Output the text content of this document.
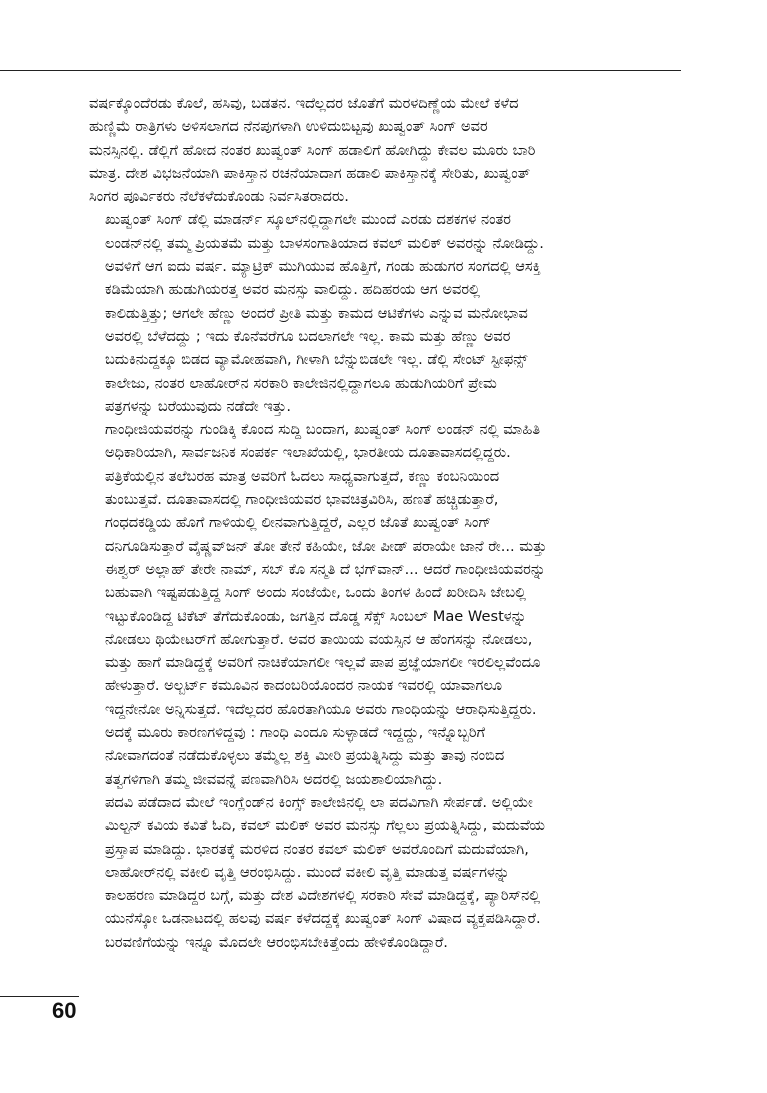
ವರ್ಷಕ್ಕೊಂದೆರಡು ಕೊಲೆ, ಹಸಿವು, ಬಡತನ. ಇದೆಲ್ಲದರ ಜೊತೆಗೆ ಮರಳದಿಣ್ಣೆಯ ಮೇಲೆ ಕಳೆದ
ಹುಣ್ಣಿಮೆ ರಾತ್ರಿಗಳು ಅಳಿಸಲಾಗದ ನೆನಪುಗಳಾಗಿ ಉಳಿದುಬಿಟ್ಟವು ಖುಷ್ವಂತ್ ಸಿಂಗ್ ಅವರ
ಮನಸ್ಸಿನಲ್ಲಿ. ಡೆಲ್ಲಿಗೆ ಹೋದ ನಂತರ ಖುಷ್ವಂತ್ ಸಿಂಗ್ ಹಡಾಲಿಗೆ ಹೋಗಿದ್ದು ಕೇವಲ ಮೂರು ಬಾರಿ
ಮಾತ್ರ. ದೇಶ ವಿಭಜನೆಯಾಗಿ ಪಾಕಿಸ್ತಾನ ರಚನೆಯಾದಾಗ ಹಡಾಲಿ ಪಾಕಿಸ್ತಾನಕ್ಕೆ ಸೇರಿತು, ಖುಷ್ವಂತ್
ಸಿಂಗರ ಪೂರ್ವಿಕರು ನೆಲೆಕಳೆದುಕೊಂಡು ನಿರ್ವಸಿತರಾದರು.

ಖುಷ್ವಂತ್ ಸಿಂಗ್ ಡೆಲ್ಲಿ ಮಾಡರ್ನ್ ಸ್ಕೂಲ್‌ನಲ್ಲಿದ್ದಾಗಲೇ ಮುಂದೆ ಎರಡು ದಶಕಗಳ ನಂತರ
ಲಂಡನ್‌ನಲ್ಲಿ ತಮ್ಮ ಪ್ರಿಯತಮೆ ಮತ್ತು ಬಾಳಸಂಗಾತಿಯಾದ ಕವಲ್ ಮಲಿಕ್ ಅವರನ್ನು ನೋಡಿದ್ದು.
ಅವಳಿಗೆ ಆಗ ಐದು ವರ್ಷ. ಮ್ಯಾಟ್ರಿಕ್ ಮುಗಿಯುವ ಹೊತ್ತಿಗೆ, ಗಂಡು ಹುಡುಗರ ಸಂಗದಲ್ಲಿ ಆಸಕ್ತಿ
ಕಡಿಮೆಯಾಗಿ ಹುಡುಗಿಯರತ್ತ ಅವರ ಮನಸ್ಸು ವಾಲಿದ್ದು. ಹದಿಹರಯ ಆಗ ಅವರಲ್ಲಿ
ಕಾಲಿಡುತ್ತಿತ್ತು; ಆಗಲೇ ಹೆಣ್ಣು ಅಂದರೆ ಪ್ರೀತಿ ಮತ್ತು ಕಾಮದ ಆಟಿಕೆಗಳು ಎನ್ನುವ ಮನೋಭಾವ
ಅವರಲ್ಲಿ ಬೆಳೆದದ್ದು ; ಇದು ಕೊನೆವರೆಗೂ ಬದಲಾಗಲೇ ಇಲ್ಲ. ಕಾಮ ಮತ್ತು ಹೆಣ್ಣು ಅವರ
ಬದುಕಿನುದ್ದಕ್ಕೂ ಬಿಡದ ವ್ಯಾಮೋಹವಾಗಿ, ಗೀಳಾಗಿ ಬೆನ್ನುಬಿಡಲೇ ಇಲ್ಲ. ಡೆಲ್ಲಿ ಸೇಂಟ್ ಸ್ಟೀಫನ್ಸ್
ಕಾಲೇಜು, ನಂತರ ಲಾಹೋರ್‌ನ ಸರಕಾರಿ ಕಾಲೇಜಿನಲ್ಲಿದ್ದಾಗಲೂ ಹುಡುಗಿಯರಿಗೆ ಪ್ರೇಮ
ಪತ್ರಗಳನ್ನು ಬರೆಯುವುದು ನಡೆದೇ ಇತ್ತು.

ಗಾಂಧೀಜಿಯವರನ್ನು ಗುಂಡಿಕ್ಕಿ ಕೊಂದ ಸುದ್ದಿ ಬಂದಾಗ, ಖುಷ್ವಂತ್ ಸಿಂಗ್ ಲಂಡನ್ ನಲ್ಲಿ ಮಾಹಿತಿ
ಅಧಿಕಾರಿಯಾಗಿ, ಸಾರ್ವಜನಿಕ ಸಂಪರ್ಕ ಇಲಾಖೆಯಲ್ಲಿ, ಭಾರತೀಯ ದೂತಾವಾಸದಲ್ಲಿದ್ದರು.
ಪತ್ರಿಕೆಯಲ್ಲಿನ ತಲೆಬರಹ ಮಾತ್ರ ಅವರಿಗೆ ಓದಲು ಸಾಧ್ಯವಾಗುತ್ತದೆ, ಕಣ್ಣು ಕಂಬನಿಯಿಂದ
ತುಂಬುತ್ತವೆ. ದೂತಾವಾಸದಲ್ಲಿ ಗಾಂಧೀಜಿಯವರ ಭಾವಚಿತ್ರವಿರಿಸಿ, ಹಣತೆ ಹಚ್ಚಿಡುತ್ತಾರೆ,
ಗಂಧದಕಡ್ಡಿಯ ಹೊಗೆ ಗಾಳಿಯಲ್ಲಿ ಲೀನವಾಗುತ್ತಿದ್ದರೆ, ಎಲ್ಲರ ಜೊತೆ ಖುಷ್ವಂತ್ ಸಿಂಗ್
ದನಿಗೂಡಿಸುತ್ತಾರೆ ವೈಷ್ಣವ್‌ಜನ್ ತೋ ತೇನೆ ಕಹಿಯೇ, ಜೋ ಪೀಡ್ ಪರಾಯೇ ಜಾನೆ ರೇ... ಮತ್ತು
ಈಶ್ವರ್ ಅಲ್ಲಾಹ್ ತೇರೇ ನಾಮ್, ಸಬ್ ಕೊ ಸನ್ಮತಿ ದೆ ಭಗ್‌ವಾನ್... ಆದರೆ ಗಾಂಧೀಜಿಯವರನ್ನು
ಬಹುವಾಗಿ ಇಷ್ಟಪಡುತ್ತಿದ್ದ ಸಿಂಗ್ ಅಂದು ಸಂಜೆಯೇ, ಒಂದು ತಿಂಗಳ ಹಿಂದೆ ಖರೀದಿಸಿ ಜೇಬಲ್ಲಿ
ಇಟ್ಟುಕೊಂಡಿದ್ದ ಟಿಕೆಟ್ ತೆಗೆದುಕೊಂಡು, ಜಗತ್ತಿನ ದೊಡ್ಡ ಸೆಕ್ಸ್ ಸಿಂಬಲ್ Mae Westಳನ್ನು
ನೋಡಲು ಥಿಯೇಟರ್‌ಗೆ ಹೋಗುತ್ತಾರೆ. ಅವರ ತಾಯಿಯ ವಯಸ್ಸಿನ ಆ ಹೆಂಗಸನ್ನು ನೋಡಲು,
ಮತ್ತು ಹಾಗೆ ಮಾಡಿದ್ದಕ್ಕೆ ಅವರಿಗೆ ನಾಚಿಕೆಯಾಗಲೀ ಇಲ್ಲವೆ ಪಾಪ ಪ್ರಜ್ಞೆಯಾಗಲೀ ಇರಲಿಲ್ಲವೆಂದೂ
ಹೇಳುತ್ತಾರೆ. ಅಲ್ಬರ್ಟ್ ಕಮೂವಿನ ಕಾದಂಬರಿಯೊಂದರ ನಾಯಕ ಇವರಲ್ಲಿ ಯಾವಾಗಲೂ
ಇದ್ದನೇನೋ ಅನ್ನಿಸುತ್ತದೆ. ಇದೆಲ್ಲದರ ಹೊರತಾಗಿಯೂ ಅವರು ಗಾಂಧಿಯನ್ನು ಆರಾಧಿಸುತ್ತಿದ್ದರು.
ಅದಕ್ಕೆ ಮೂರು ಕಾರಣಗಳಿದ್ದವು : ಗಾಂಧಿ ಎಂದೂ ಸುಳ್ಳಾಡದೆ ಇದ್ದದ್ದು, ಇನ್ನೊಬ್ಬರಿಗೆ
ನೋವಾಗದಂತೆ ನಡೆದುಕೊಳ್ಳಲು ತಮ್ಮೆಲ್ಲ ಶಕ್ತಿ ಮೀರಿ ಪ್ರಯತ್ನಿಸಿದ್ದು ಮತ್ತು ತಾವು ನಂಬಿದ
ತತ್ವಗಳಿಗಾಗಿ ತಮ್ಮ ಜೀವವನ್ನೆ ಪಣವಾಗಿರಿಸಿ ಅದರಲ್ಲಿ ಜಯಶಾಲಿಯಾಗಿದ್ದು.

ಪದವಿ ಪಡೆದಾದ ಮೇಲೆ ಇಂಗ್ಲೆಂಡ್‌ನ ಕಿಂಗ್ಸ್ ಕಾಲೇಜಿನಲ್ಲಿ ಲಾ ಪದವಿಗಾಗಿ ಸೇರ್ಪಡೆ. ಅಲ್ಲಿಯೇ
ಮಿಲ್ಟನ್ ಕವಿಯ ಕವಿತೆ ಓದಿ, ಕವಲ್ ಮಲಿಕ್ ಅವರ ಮನಸ್ಸು ಗೆಲ್ಲಲು ಪ್ರಯತ್ನಿಸಿದ್ದು, ಮದುವೆಯ
ಪ್ರಸ್ತಾಪ ಮಾಡಿದ್ದು. ಭಾರತಕ್ಕೆ ಮರಳಿದ ನಂತರ ಕವಲ್ ಮಲಿಕ್ ಅವರೊಂದಿಗೆ ಮದುವೆಯಾಗಿ,
ಲಾಹೋರ್‌ನಲ್ಲಿ ವಕೀಲಿ ವೃತ್ತಿ ಆರಂಭಿಸಿದ್ದು. ಮುಂದೆ ವಕೀಲಿ ವೃತ್ತಿ ಮಾಡುತ್ತ ವರ್ಷಗಳನ್ನು
ಕಾಲಹರಣ ಮಾಡಿದ್ದರ ಬಗ್ಗೆ, ಮತ್ತು ದೇಶ ವಿದೇಶಗಳಲ್ಲಿ ಸರಕಾರಿ ಸೇವೆ ಮಾಡಿದ್ದಕ್ಕೆ, ಪ್ಯಾರಿಸ್‌ನಲ್ಲಿ
ಯುನೆಸ್ಕೋ ಒಡನಾಟದಲ್ಲಿ ಹಲವು ವರ್ಷ ಕಳೆದದ್ದಕ್ಕೆ ಖುಷ್ವಂತ್ ಸಿಂಗ್ ವಿಷಾದ ವ್ಯಕ್ತಪಡಿಸಿದ್ದಾರೆ.
ಬರವಣಿಗೆಯನ್ನು ಇನ್ನೂ ಮೊದಲೇ ಆರಂಭಿಸಬೇಕಿತ್ತೆಂದು ಹೇಳಿಕೊಂಡಿದ್ದಾರೆ.

60
